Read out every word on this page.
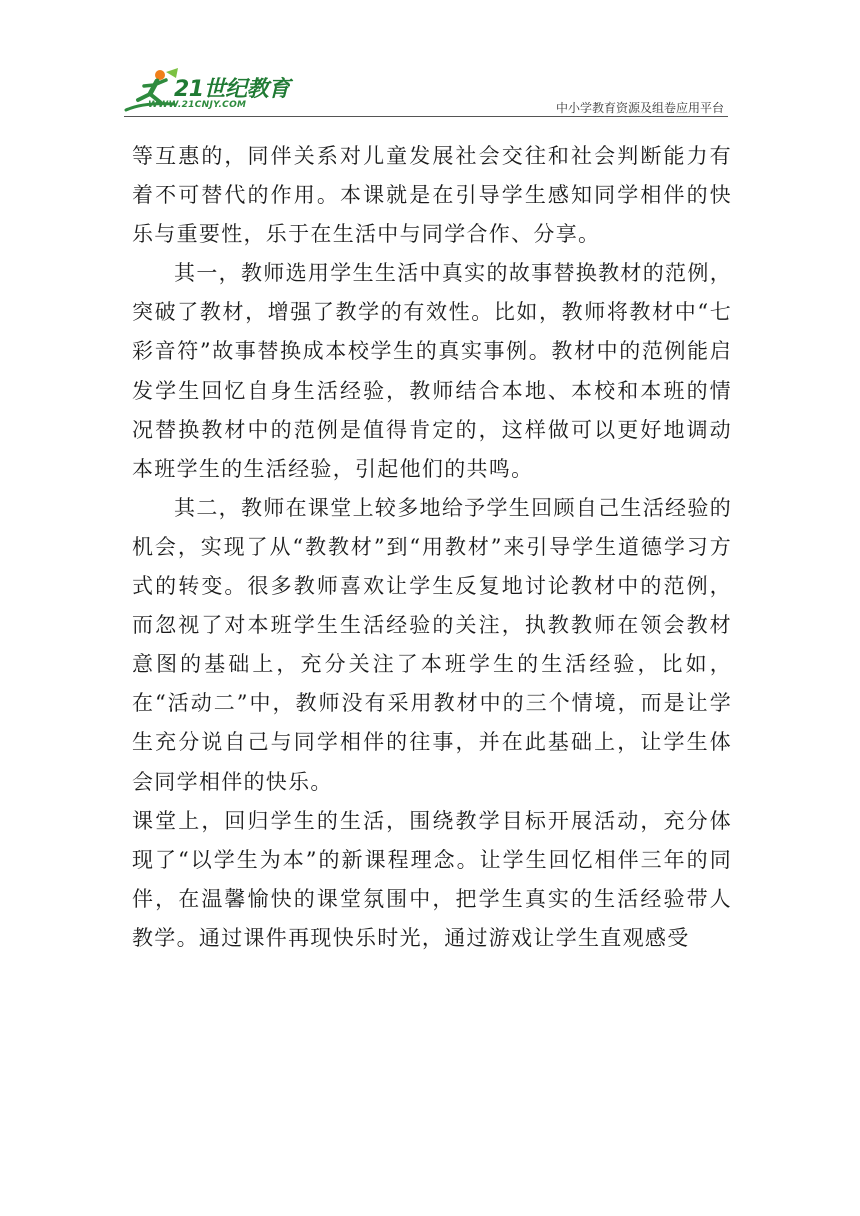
21世纪教育
WWW.21CNJY.COM	中小学教育资源及组卷应用平台

等互惠的，同伴关系对儿童发展社会交往和社会判断能力有着不可替代的作用。本课就是在引导学生感知同学相伴的快乐与重要性，乐于在生活中与同学合作、分享。

其一，教师选用学生生活中真实的故事替换教材的范例，突破了教材，增强了教学的有效性。比如，教师将教材中“七彩音符”故事替换成本校学生的真实事例。教材中的范例能启发学生回忆自身生活经验，教师结合本地、本校和本班的情况替换教材中的范例是值得肯定的，这样做可以更好地调动本班学生的生活经验，引起他们的共鸣。

其二，教师在课堂上较多地给予学生回顾自己生活经验的机会，实现了从“教教材”到“用教材”来引导学生道德学习方式的转变。很多教师喜欢让学生反复地讨论教材中的范例，而忽视了对本班学生生活经验的关注，执教教师在领会教材意图的基础上，充分关注了本班学生的生活经验，比如，在“活动二”中，教师没有采用教材中的三个情境，而是让学生充分说自己与同学相伴的往事，并在此基础上，让学生体会同学相伴的快乐。

课堂上，回归学生的生活，围绕教学目标开展活动，充分体现了“以学生为本”的新课程理念。让学生回忆相伴三年的同伴，在温馨愉快的课堂氛围中，把学生真实的生活经验带人教学。通过课件再现快乐时光，通过游戏让学生直观感受
